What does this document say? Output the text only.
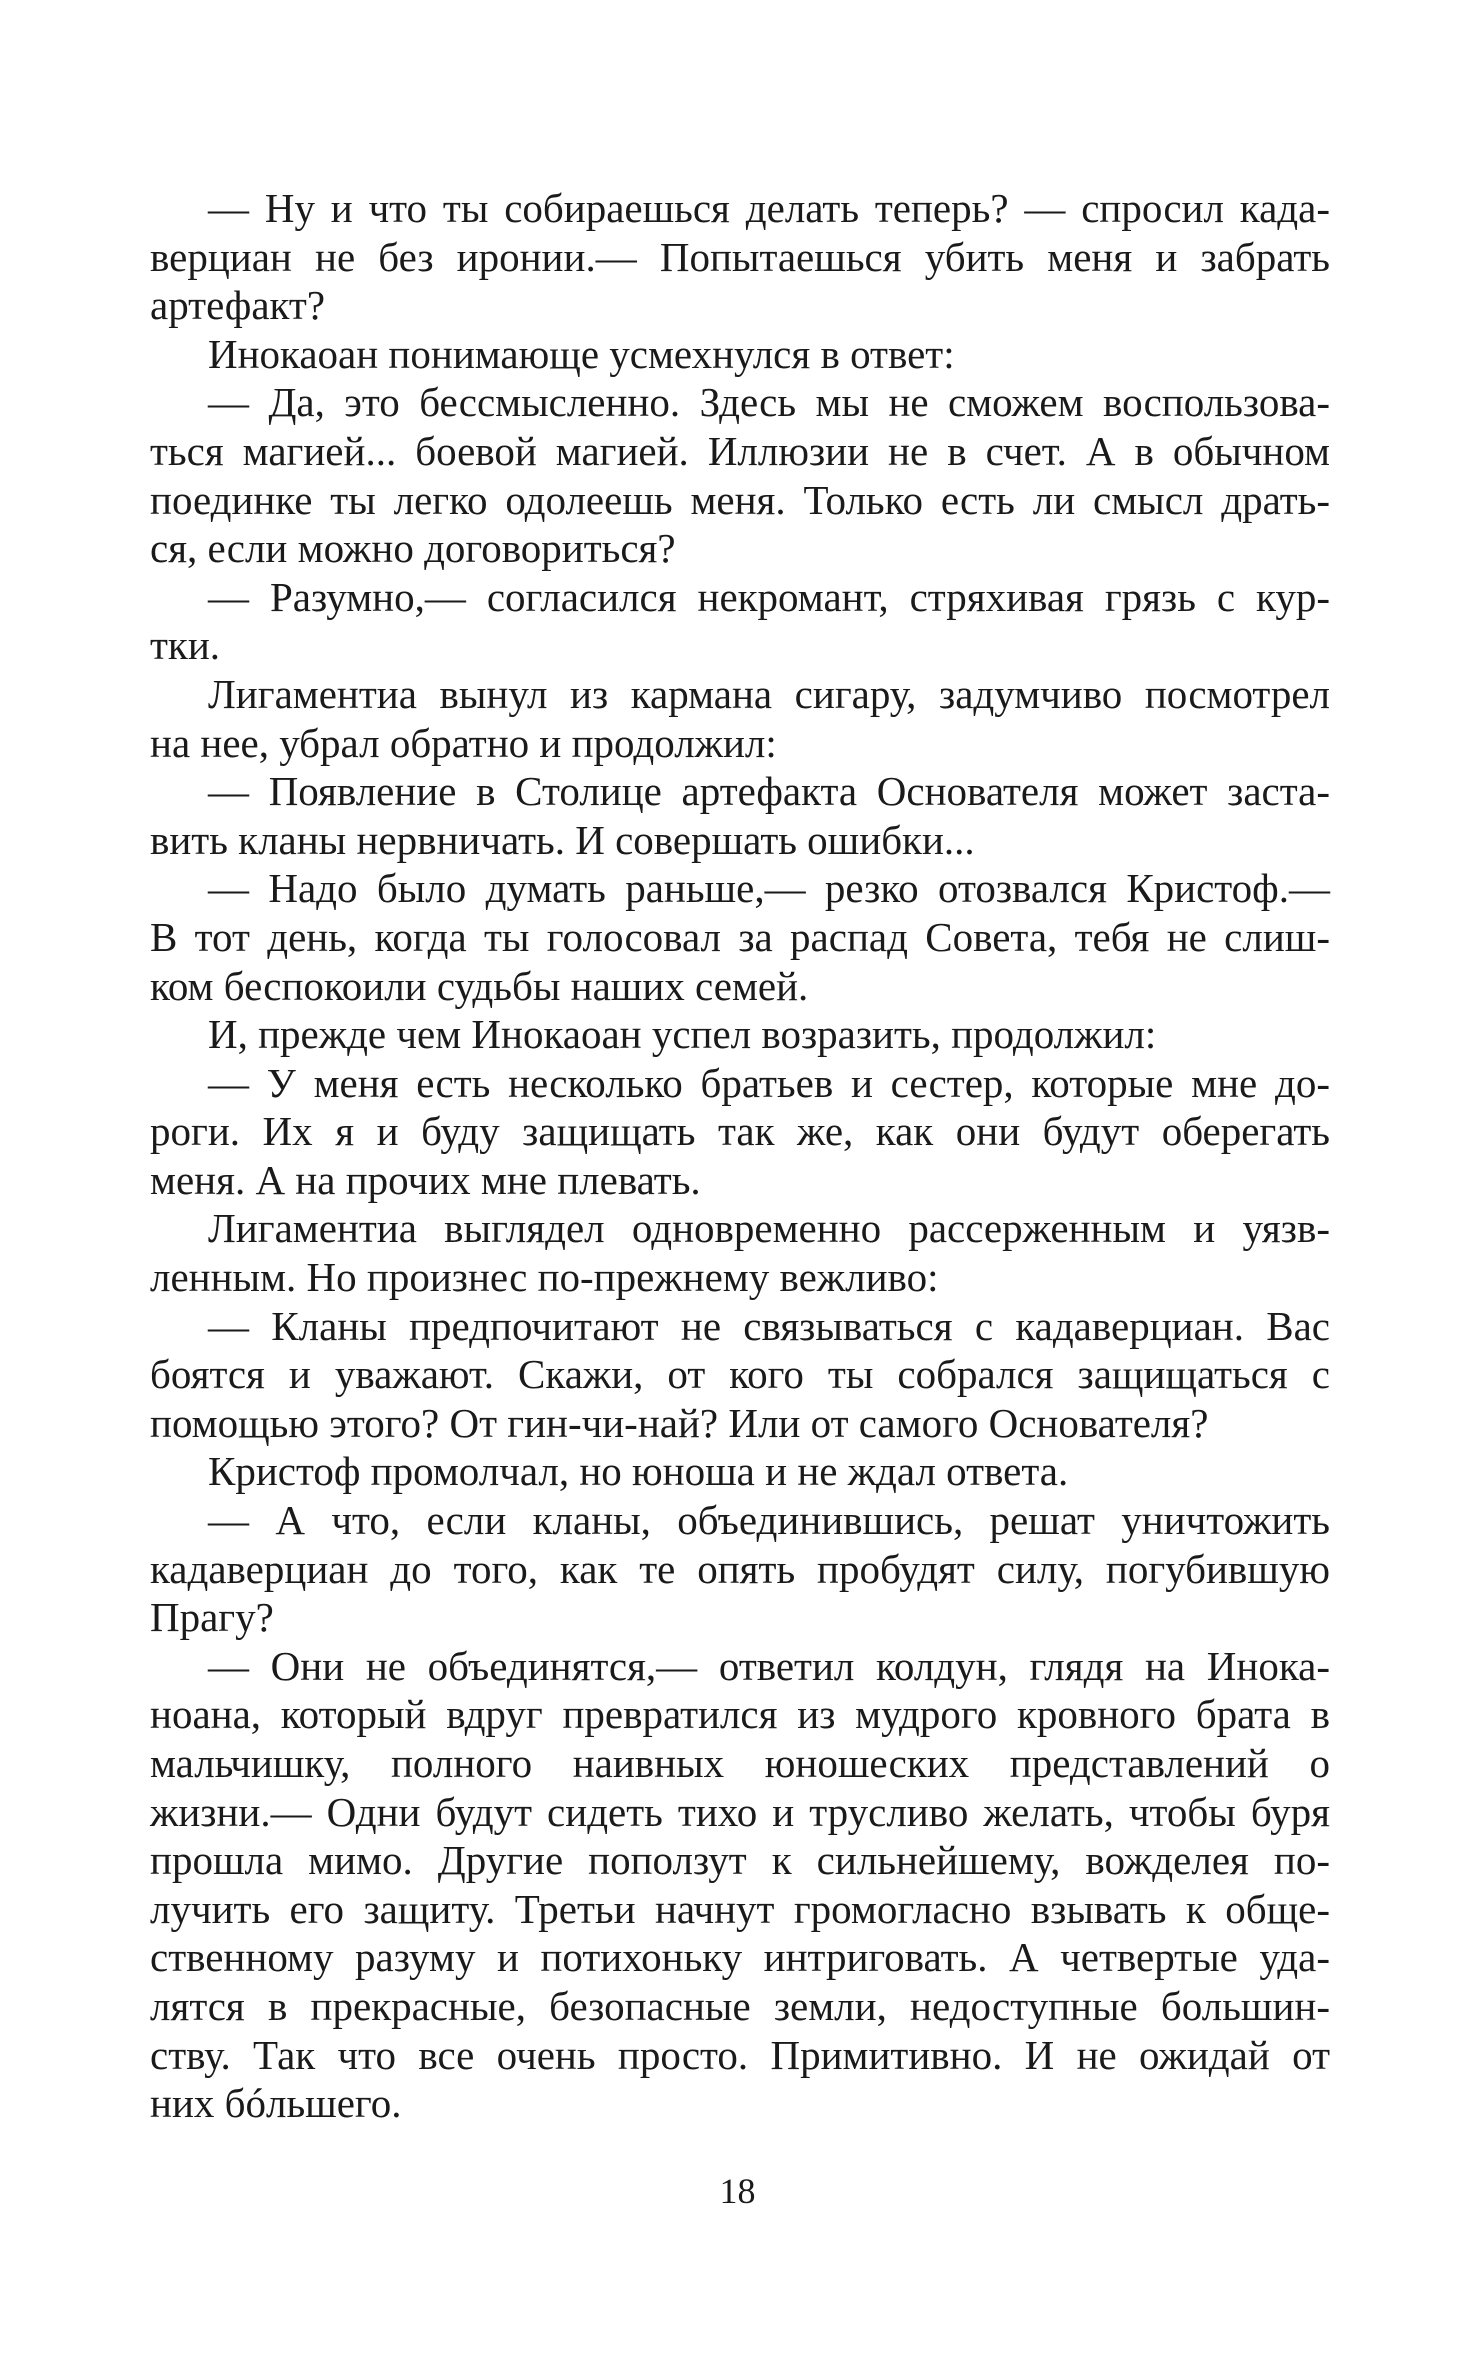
— Ну и что ты собираешься делать теперь? — спросил када-
верциан не без иронии.— Попытаешься убить меня и забрать
артефакт?
Инокаоан понимающе усмехнулся в ответ:
— Да, это бессмысленно. Здесь мы не сможем воспользова-
ться магией... боевой магией. Иллюзии не в счет. А в обычном
поединке ты легко одолеешь меня. Только есть ли смысл драть-
ся, если можно договориться?
— Разумно,— согласился некромант, стряхивая грязь с кур-
тки.
Лигаментиа вынул из кармана сигару, задумчиво посмотрел
на нее, убрал обратно и продолжил:
— Появление в Столице артефакта Основателя может заста-
вить кланы нервничать. И совершать ошибки...
— Надо было думать раньше,— резко отозвался Кристоф.—
В тот день, когда ты голосовал за распад Совета, тебя не слиш-
ком беспокоили судьбы наших семей.
И, прежде чем Инокаоан успел возразить, продолжил:
— У меня есть несколько братьев и сестер, которые мне до-
роги. Их я и буду защищать так же, как они будут оберегать
меня. А на прочих мне плевать.
Лигаментиа выглядел одновременно рассерженным и уязв-
ленным. Но произнес по-прежнему вежливо:
— Кланы предпочитают не связываться с кадаверциан. Вас
боятся и уважают. Скажи, от кого ты собрался защищаться с
помощью этого? От гин-чи-най? Или от самого Основателя?
Кристоф промолчал, но юноша и не ждал ответа.
— А что, если кланы, объединившись, решат уничтожить
кадаверциан до того, как те опять пробудят силу, погубившую
Прагу?
— Они не объединятся,— ответил колдун, глядя на Инока-
ноана, который вдруг превратился из мудрого кровного брата в
мальчишку, полного наивных юношеских представлений о
жизни.— Одни будут сидеть тихо и трусливо желать, чтобы буря
прошла мимо. Другие поползут к сильнейшему, вожделея по-
лучить его защиту. Третьи начнут громогласно взывать к обще-
ственному разуму и потихоньку интриговать. А четвертые уда-
лятся в прекрасные, безопасные земли, недоступные большин-
ству. Так что все очень просто. Примитивно. И не ожидай от
них бóльшего.
18
